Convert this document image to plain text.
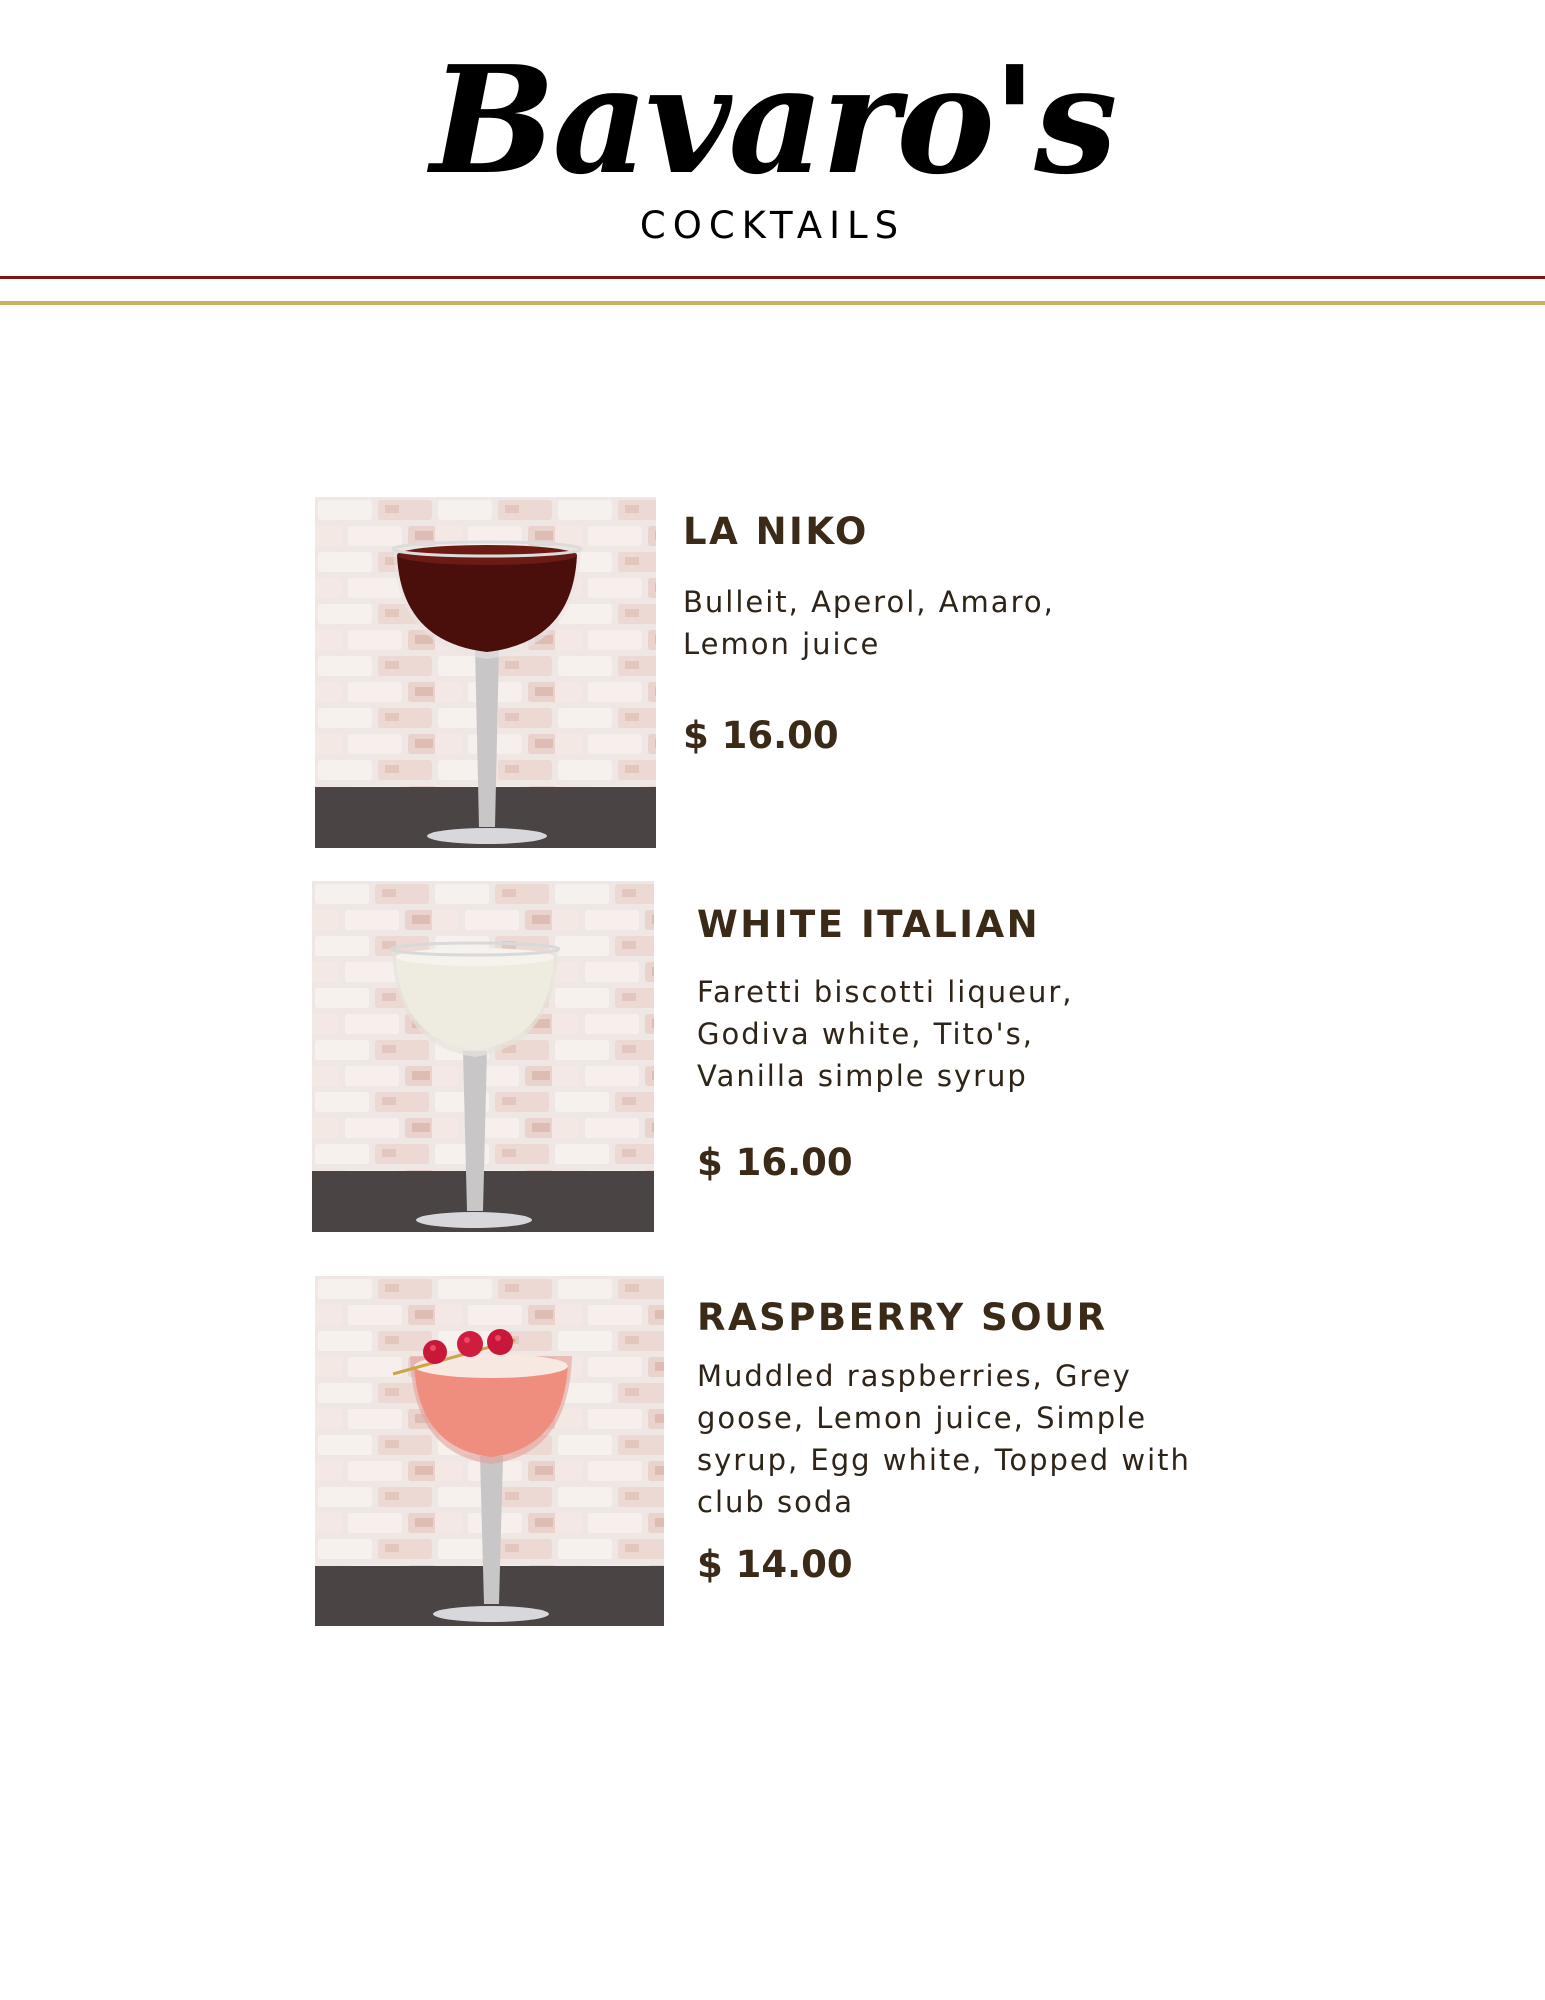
Bavaro's
COCKTAILS
LA NIKO
Bulleit, Aperol, Amaro, Lemon juice
$ 16.00
WHITE ITALIAN
Faretti biscotti liqueur, Godiva white, Tito's, Vanilla simple syrup
$ 16.00
RASPBERRY SOUR
Muddled raspberries, Grey goose, Lemon juice, Simple syrup, Egg white, Topped with club soda
$ 14.00
